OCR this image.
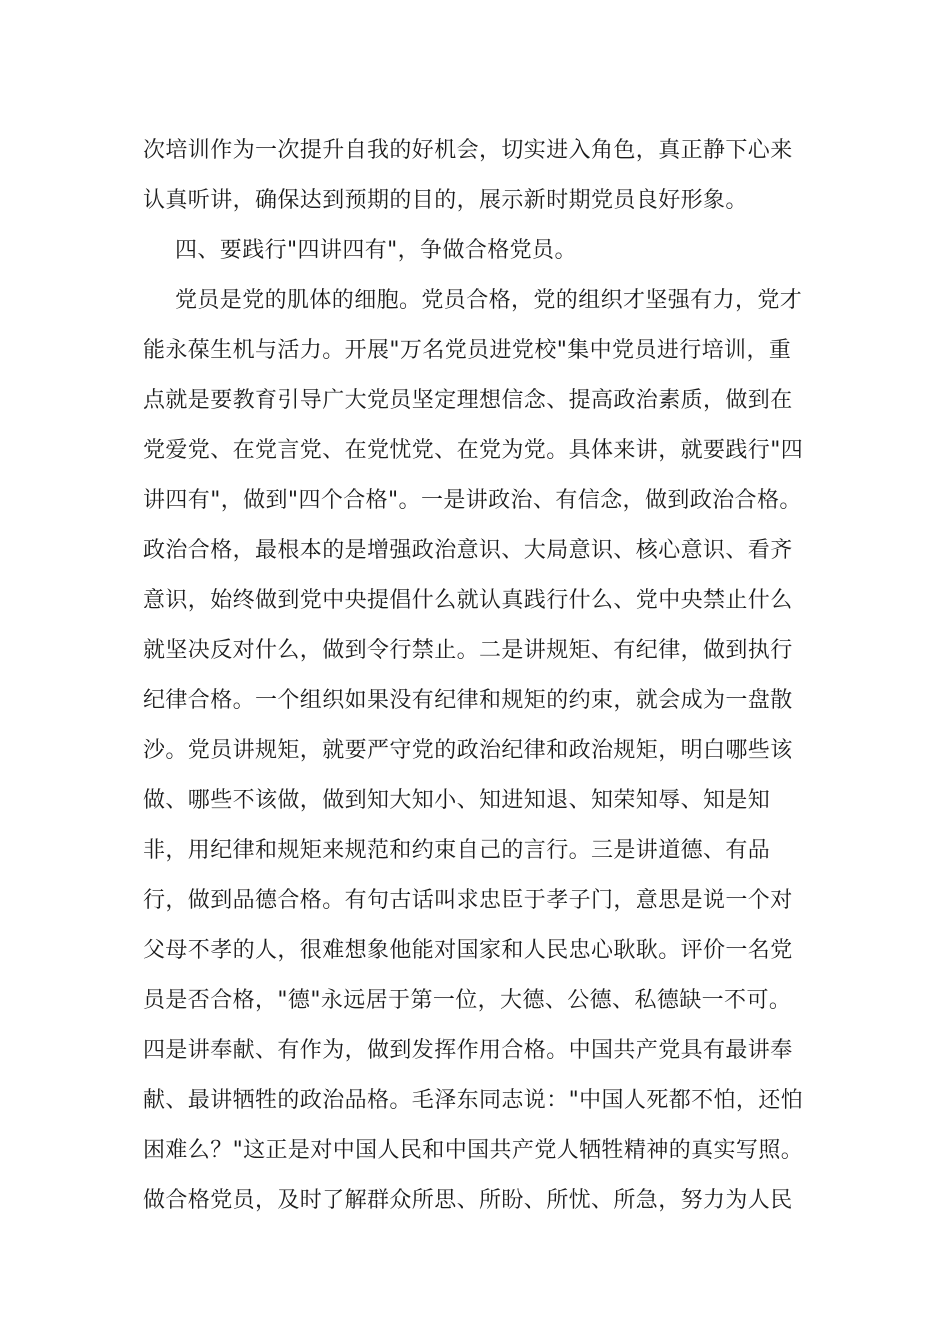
次培训作为一次提升自我的好机会，切实进入角色，真正静下心来
认真听讲，确保达到预期的目的，展示新时期党员良好形象。
四、要践行"四讲四有"，争做合格党员。
党员是党的肌体的细胞。党员合格，党的组织才坚强有力，党才
能永葆生机与活力。开展"万名党员进党校"集中党员进行培训，重
点就是要教育引导广大党员坚定理想信念、提高政治素质，做到在
党爱党、在党言党、在党忧党、在党为党。具体来讲，就要践行"四
讲四有"，做到"四个合格"。一是讲政治、有信念，做到政治合格。
政治合格，最根本的是增强政治意识、大局意识、核心意识、看齐
意识，始终做到党中央提倡什么就认真践行什么、党中央禁止什么
就坚决反对什么，做到令行禁止。二是讲规矩、有纪律，做到执行
纪律合格。一个组织如果没有纪律和规矩的约束，就会成为一盘散
沙。党员讲规矩，就要严守党的政治纪律和政治规矩，明白哪些该
做、哪些不该做，做到知大知小、知进知退、知荣知辱、知是知
非，用纪律和规矩来规范和约束自己的言行。三是讲道德、有品
行，做到品德合格。有句古话叫求忠臣于孝子门，意思是说一个对
父母不孝的人，很难想象他能对国家和人民忠心耿耿。评价一名党
员是否合格，"德"永远居于第一位，大德、公德、私德缺一不可。
四是讲奉献、有作为，做到发挥作用合格。中国共产党具有最讲奉
献、最讲牺牲的政治品格。毛泽东同志说："中国人死都不怕，还怕
困难么？"这正是对中国人民和中国共产党人牺牲精神的真实写照。
做合格党员，及时了解群众所思、所盼、所忧、所急，努力为人民
